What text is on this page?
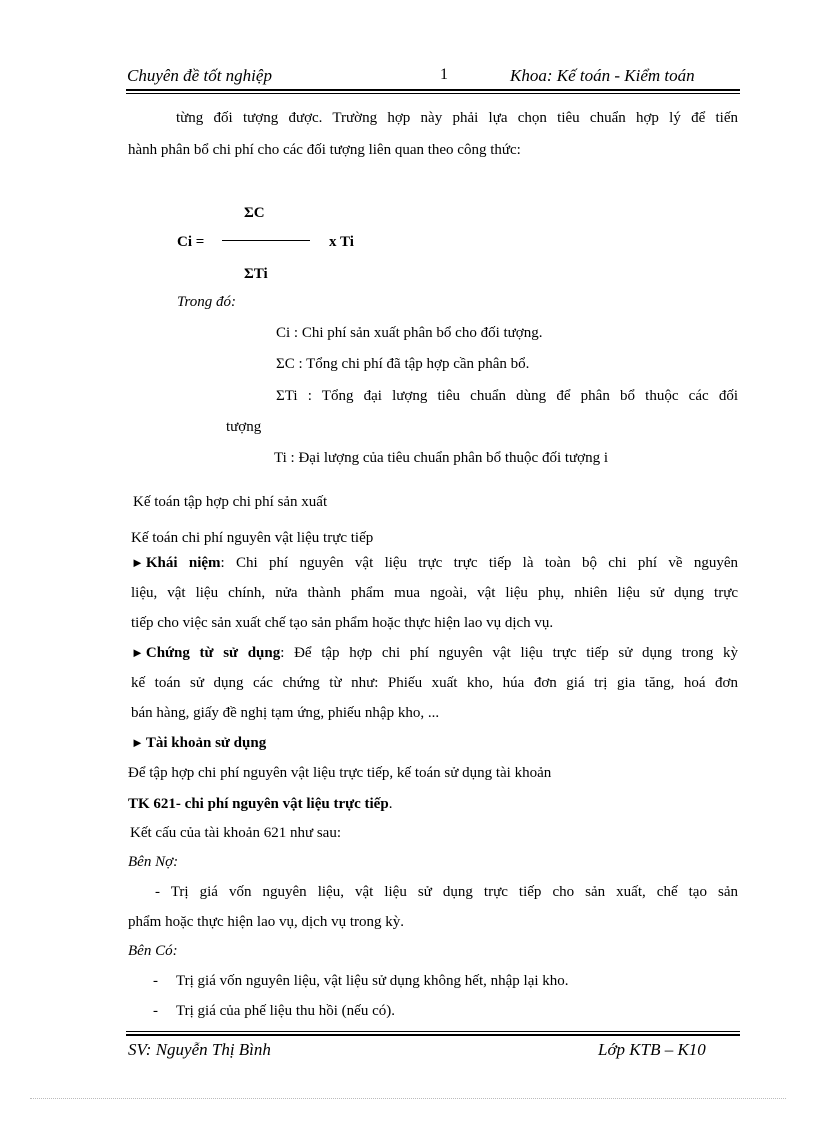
Chuyên đề tốt nghiệp	1	Khoa: Kế toán - Kiểm toán
từng đối tượng được. Trường hợp này phải lựa chọn tiêu chuẩn hợp lý để tiến
hành phân bổ chi phí cho các đối tượng liên quan theo công thức:
ΣC
Ci =	x Ti
ΣTi
Trong đó:
Ci : Chi phí sản xuất phân bổ cho đối tượng.
ΣC : Tổng chi phí đã tập hợp cần phân bổ.
ΣTi : Tổng đại lượng tiêu chuẩn dùng để phân bổ thuộc các đối
tượng
Ti : Đại lượng của tiêu chuẩn phân bổ thuộc đối tượng i
Kế toán tập hợp chi phí sản xuất
Kế toán chi phí nguyên vật liệu trực tiếp
► Khái niệm: Chi phí nguyên vật liệu trực trực tiếp là toàn bộ chi phí về nguyên
liệu, vật liệu chính, nửa thành phẩm mua ngoài, vật liệu phụ, nhiên liệu sử dụng trực
tiếp cho việc sản xuất chế tạo sản phẩm hoặc thực hiện lao vụ dịch vụ.
► Chứng từ sử dụng: Để tập hợp chi phí nguyên vật liệu trực tiếp sử dụng trong kỳ
kế toán sử dụng các chứng từ như: Phiếu xuất kho, húa đơn giá trị gia tăng, hoá đơn
bán hàng, giấy đề nghị tạm ứng, phiếu nhập kho, ...
► Tài khoản sử dụng
Để tập hợp chi phí nguyên vật liệu trực tiếp, kế toán sử dụng tài khoản
TK 621- chi phí nguyên vật liệu trực tiếp.
Kết cấu của tài khoản 621 như sau:
Bên Nợ:
- Trị giá vốn nguyên liệu, vật liệu sử dụng trực tiếp cho sản xuất, chế tạo sản
phẩm hoặc thực hiện lao vụ, dịch vụ trong kỳ.
Bên Có:
- Trị giá vốn nguyên liệu, vật liệu sử dụng không hết, nhập lại kho.
- Trị giá của phế liệu thu hồi (nếu có).
SV: Nguyễn Thị Bình	Lớp KTB – K10
